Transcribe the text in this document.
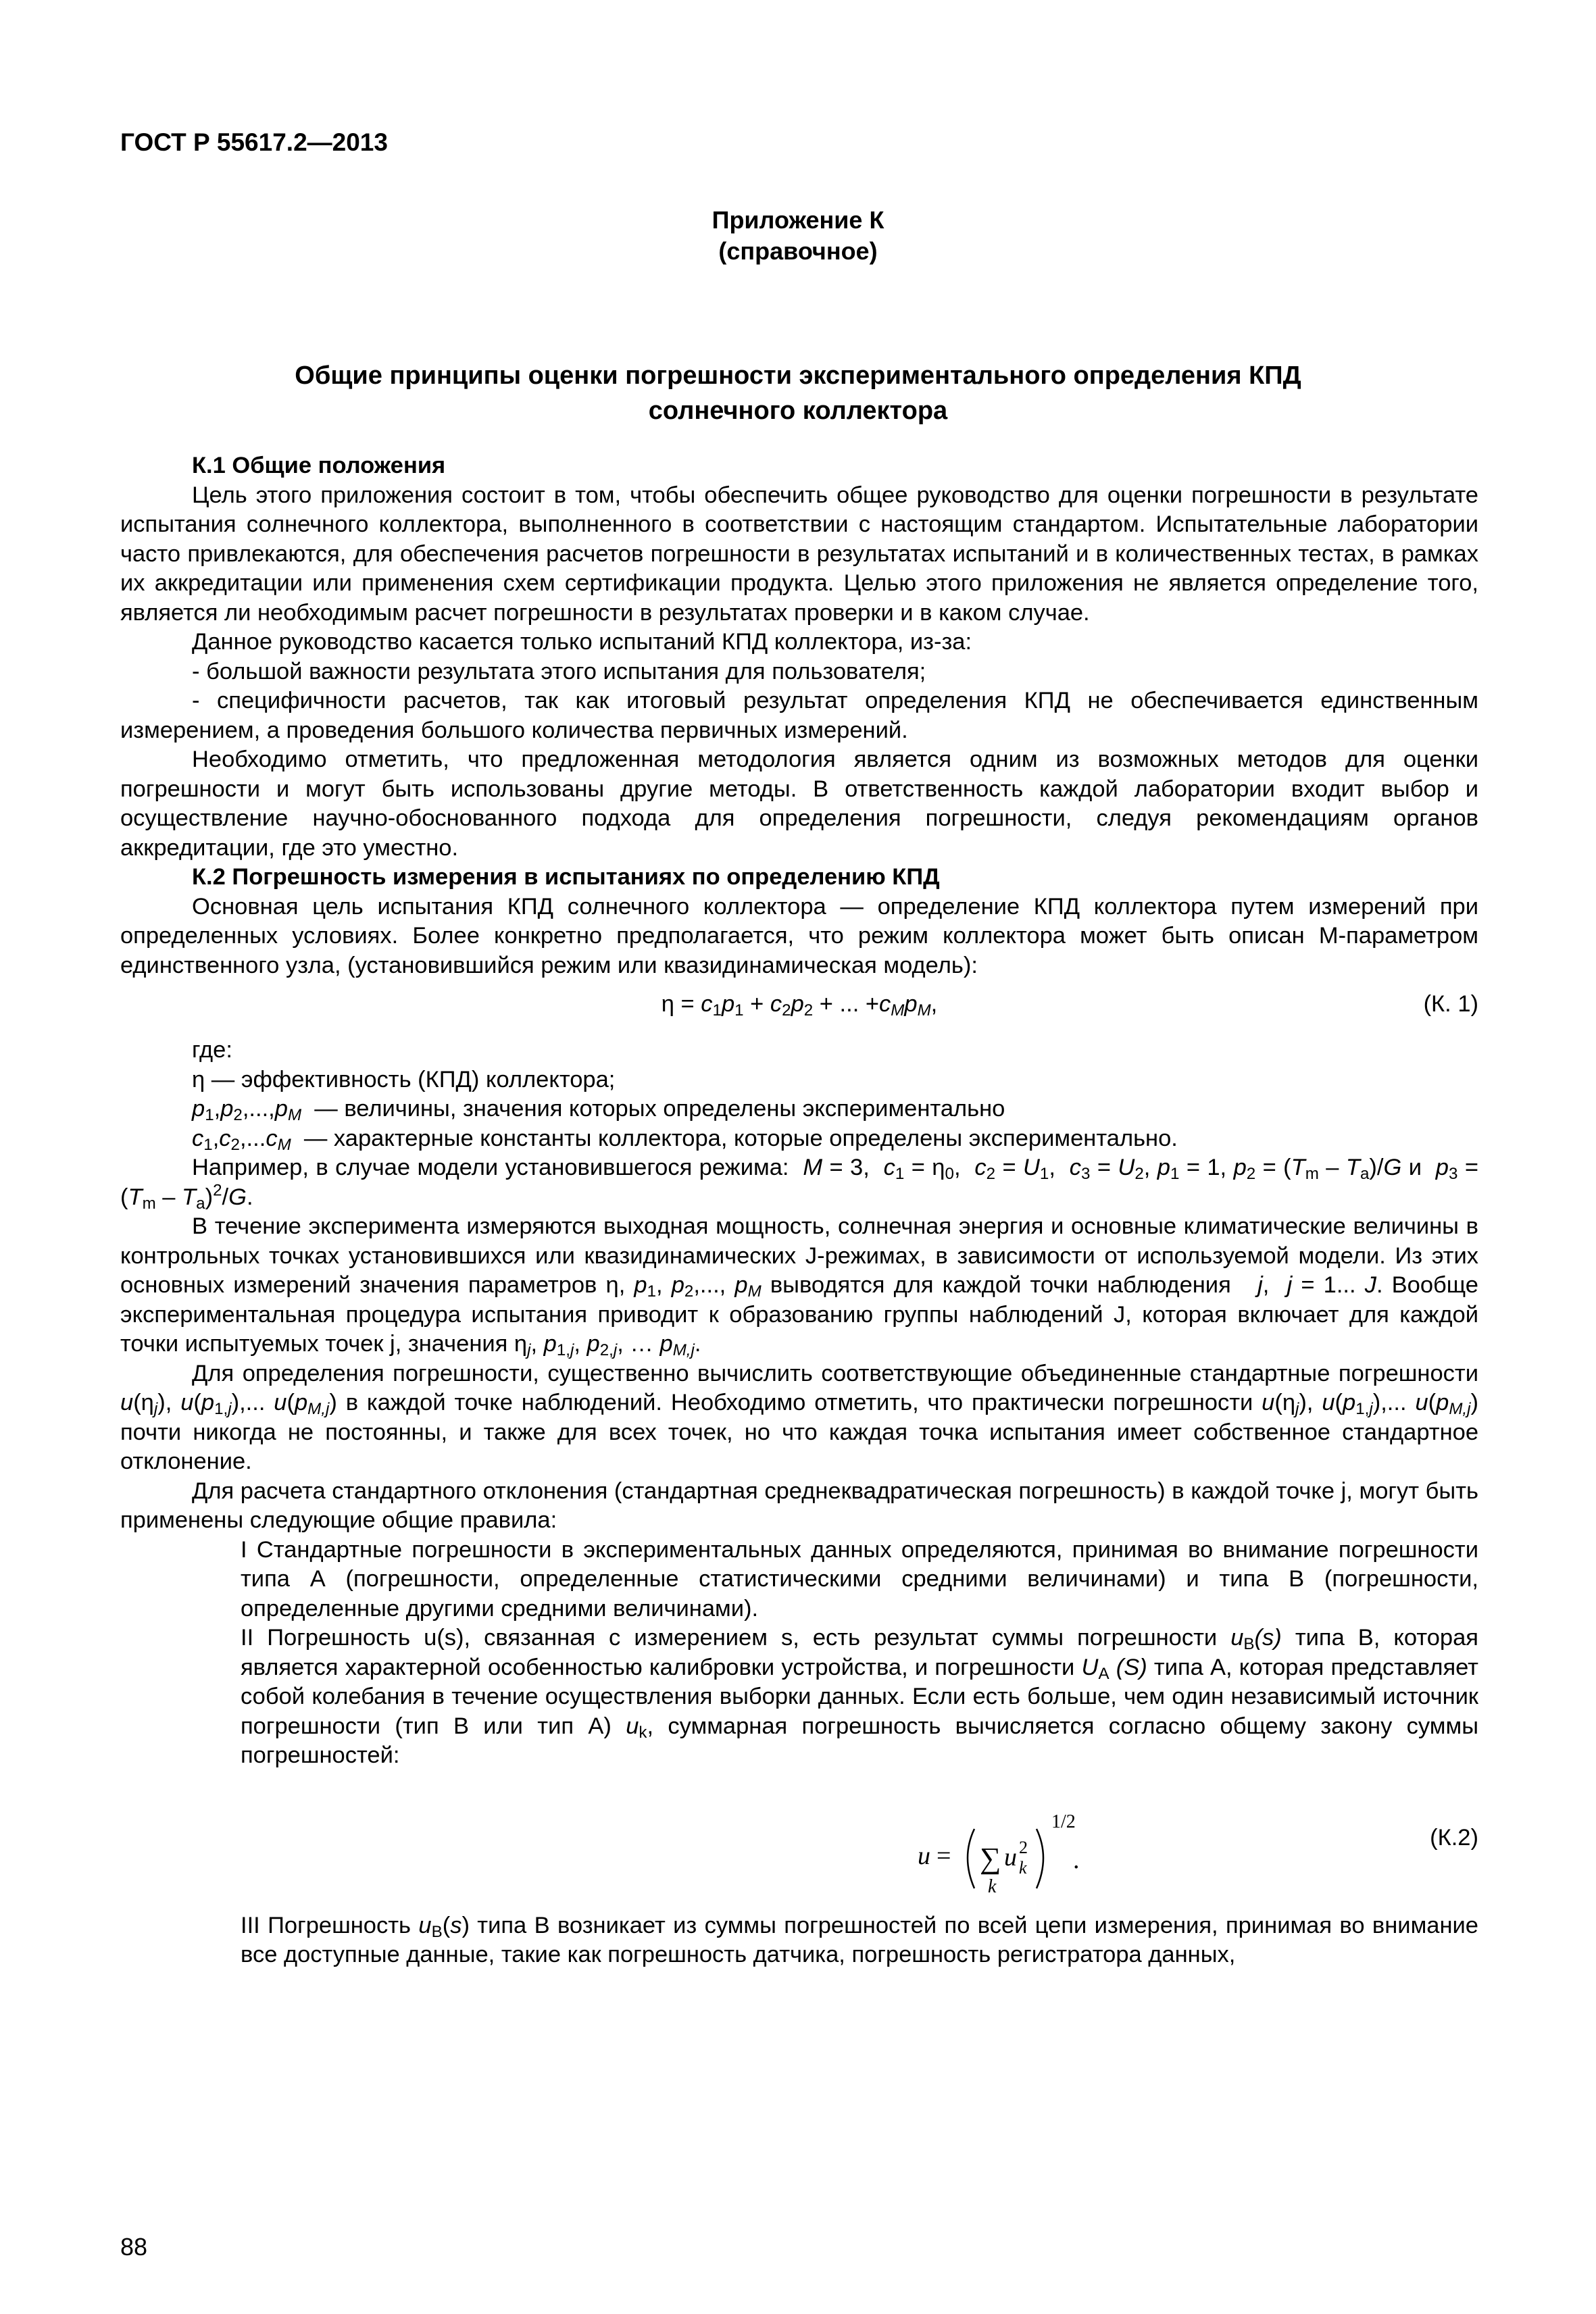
ГОСТ Р 55617.2—2013
Приложение К
(справочное)
Общие принципы оценки погрешности экспериментального определения КПД
солнечного коллектора

К.1 Общие положения

Цель этого приложения состоит в том, чтобы обеспечить общее руководство для оценки погрешности в результате испытания солнечного коллектора, выполненного в соответствии с настоящим стандартом. Испытательные лаборатории часто привлекаются, для обеспечения расчетов погрешности в результатах испытаний и в количественных тестах, в рамках их аккредитации или применения схем сертификации продукта. Целью этого приложения не является определение того, является ли необходимым расчет погрешности в результатах проверки и в каком случае.

Данное руководство касается только испытаний КПД коллектора, из-за:

- большой важности результата этого испытания для пользователя;

- специфичности расчетов, так как итоговый результат определения КПД не обеспечивается единственным измерением, а проведения большого количества первичных измерений.

Необходимо отметить, что предложенная методология является одним из возможных методов для оценки погрешности и могут быть использованы другие методы. В ответственность каждой лаборатории входит выбор и осуществление научно-обоснованного подхода для определения погрешности, следуя рекомендациям органов аккредитации, где это уместно.

К.2 Погрешность измерения в испытаниях по определению КПД

Основная цель испытания КПД солнечного коллектора — определение КПД коллектора путем измерений при определенных условиях. Более конкретно предполагается, что режим коллектора может быть описан М-параметром единственного узла, (установившийся режим или квазидинамическая модель):

$\eta = c_1p_1 + c_2p_2$ + ... $+c_Mp_M$,	(К. 1)

где:

η — эффективность (КПД) коллектора;

$p_1,p_2,...,p_M$ — величины, значения которых определены экспериментально

$c_1,c_2,...c_M$ — характерные константы коллектора, которые определены экспериментально.

Например, в случае модели установившегося режима: M = 3,  $c_1 = \eta_0$,  $c_2 = U_1$,  $c_3 = U_2$, $p_1 = 1$, $p_2 = (T_m - T_a)/G$ и  $p_3 = (T_m - T_a)^2/G$.

В течение эксперимента измеряются выходная мощность, солнечная энергия и основные климатические величины в контрольных точках установившихся или квазидинамических J-режимах, в зависимости от используемой модели. Из этих основных измерений значения параметров η, $p_1$, $p_2$,..., $p_M$ выводятся для каждой точки наблюдения j,  j = 1... J. Вообще экспериментальная процедура испытания приводит к образованию группы наблюдений J, которая включает для каждой точки испытуемых точек j, значения $\eta_j$, $p_{1,j}$, $p_{2,j}$, … $p_{M,j}$.

Для определения погрешности, существенно вычислить соответствующие объединенные стандартные погрешности $u(\eta_j)$, $u(p_{1,j})$,... $u(p_{M,j})$ в каждой точке наблюдений. Необходимо отметить, что практически погрешности $u(\eta_j)$, $u(p_{1,j})$,... $u(p_{M,j})$ почти никогда не постоянны, и также для всех точек, но что каждая точка испытания имеет собственное стандартное отклонение.

Для расчета стандартного отклонения (стандартная среднеквадратическая погрешность) в каждой точке j, могут быть применены следующие общие правила:

I Стандартные погрешности в экспериментальных данных определяются, принимая во внимание погрешности типа А (погрешности, определенные статистическими средними величинами) и типа В (погрешности, определенные другими средними величинами).

II Погрешность u(s), связанная с измерением s, есть результат суммы погрешности $u_B(s)$ типа В, которая является характерной особенностью калибровки устройства, и погрешности $U_A$ (S) типа А, которая представляет собой колебания в течение осуществления выборки данных. Если есть больше, чем один независимый источник погрешности (тип В или тип А) $u_k$, суммарная погрешность вычисляется согласно общему закону суммы погрешностей:

u = ∑
k
u 2
k
1/2
.
(К.2)

III Погрешность $u_B(s)$ типа В возникает из суммы погрешностей по всей цепи измерения, принимая во внимание все доступные данные, такие как погрешность датчика, погрешность регистратора данных,

88
